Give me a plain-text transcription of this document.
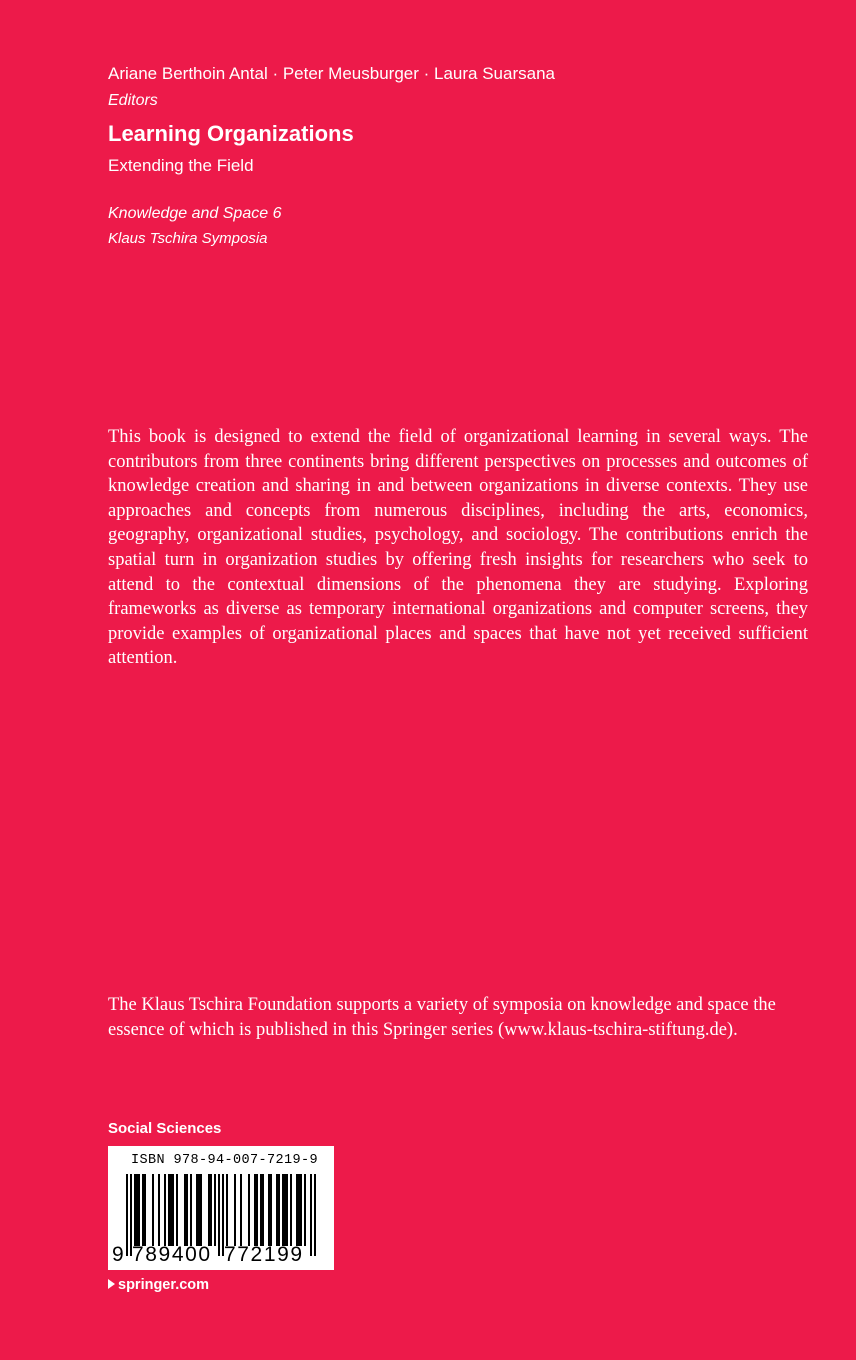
Ariane Berthoin Antal · Peter Meusburger · Laura Suarsana
Editors
Learning Organizations
Extending the Field
Knowledge and Space 6
Klaus Tschira Symposia

This book is designed to extend the field of organizational learning in several ways. The contributors from three continents bring different perspectives on processes and outcomes of knowledge creation and sharing in and between organizations in diverse contexts. They use approaches and concepts from numerous disciplines, including the arts, economics, geography, organizational studies, psychology, and sociology. The contributions enrich the spatial turn in organization studies by offering fresh insights for researchers who seek to attend to the contextual dimensions of the phenomena they are studying. Exploring frameworks as diverse as temporary international organizations and computer screens, they provide examples of organizational places and spaces that have not yet received sufficient attention.

The Klaus Tschira Foundation supports a variety of symposia on knowledge and space the essence of which is published in this Springer series (www.klaus-tschira-stiftung.de).

Social Sciences
ISBN 978-94-007-7219-9
9 789400 772199
springer.com
